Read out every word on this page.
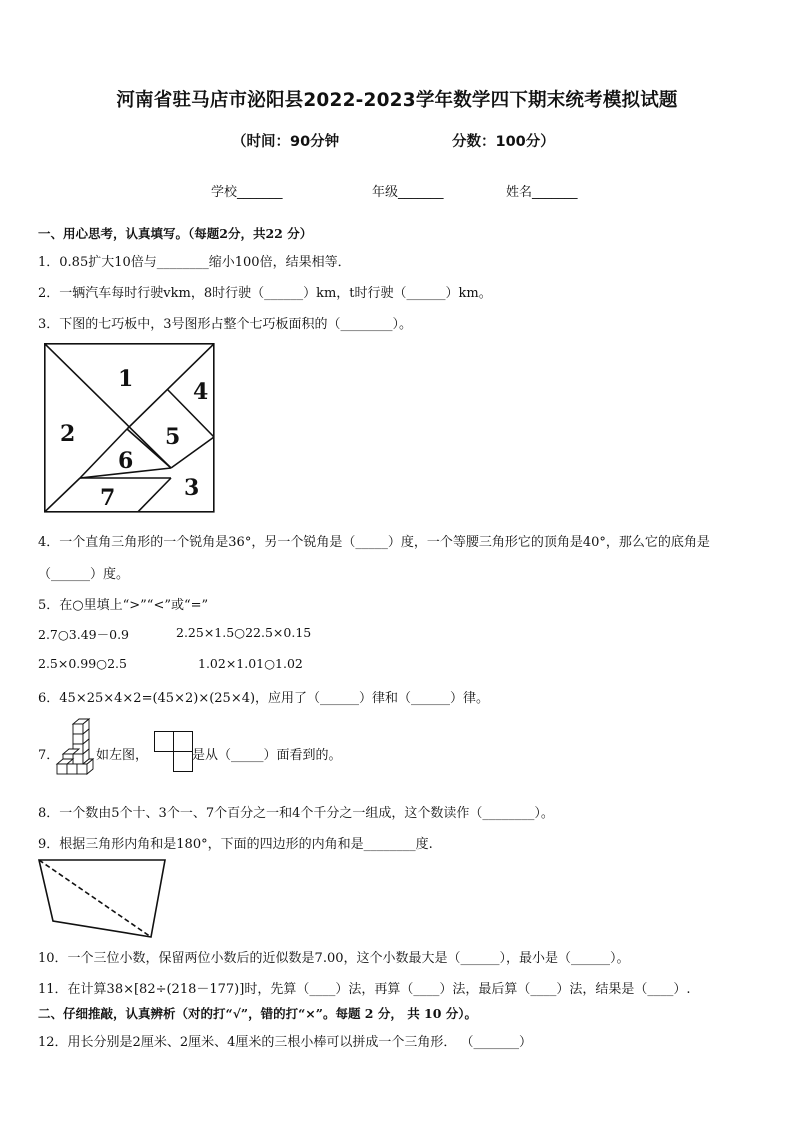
河南省驻马店市泌阳县2022-2023学年数学四下期末统考模拟试题
（时间：90分钟	分数：100分）
学校_______	年级_______	姓名_______
一、用心思考，认真填写。（每题2分，共22 分）
1．0.85扩大10倍与________缩小100倍，结果相等．
2．一辆汽车每时行驶vkm，8时行驶（______）km，t时行驶（______）km。
3．下图的七巧板中，3号图形占整个七巧板面积的（________）。
1
2
3
4
5
6
7
4．一个直角三角形的一个锐角是36°，另一个锐角是（_____）度，一个等腰三角形它的顶角是40°，那么它的底角是
（______）度。
5．在○里填上“>”“<”或“=”
2.7○3.49－0.9	2.25×1.5○22.5×0.15
2.5×0.99○2.5	1.02×1.01○1.02
6．45×25×4×2=(45×2)×(25×4)，应用了（______）律和（______）律。
7．	如左图，	是从（_____）面看到的。
8．一个数由5个十、3个一、7个百分之一和4个千分之一组成，这个数读作（________）。
9．根据三角形内角和是180°，下面的四边形的内角和是________度.
10．一个三位小数，保留两位小数后的近似数是7.00，这个小数最大是（______），最小是（______）。
11．在计算38×[82÷(218－177)]时，先算（____）法，再算（____）法，最后算（____）法，结果是（____）.
二、仔细推敲，认真辨析（对的打“√”，错的打“×”。每题 2 分， 共 10 分）。
12．用长分别是2厘米、2厘米、4厘米的三根小棒可以拼成一个三角形． （_______）
